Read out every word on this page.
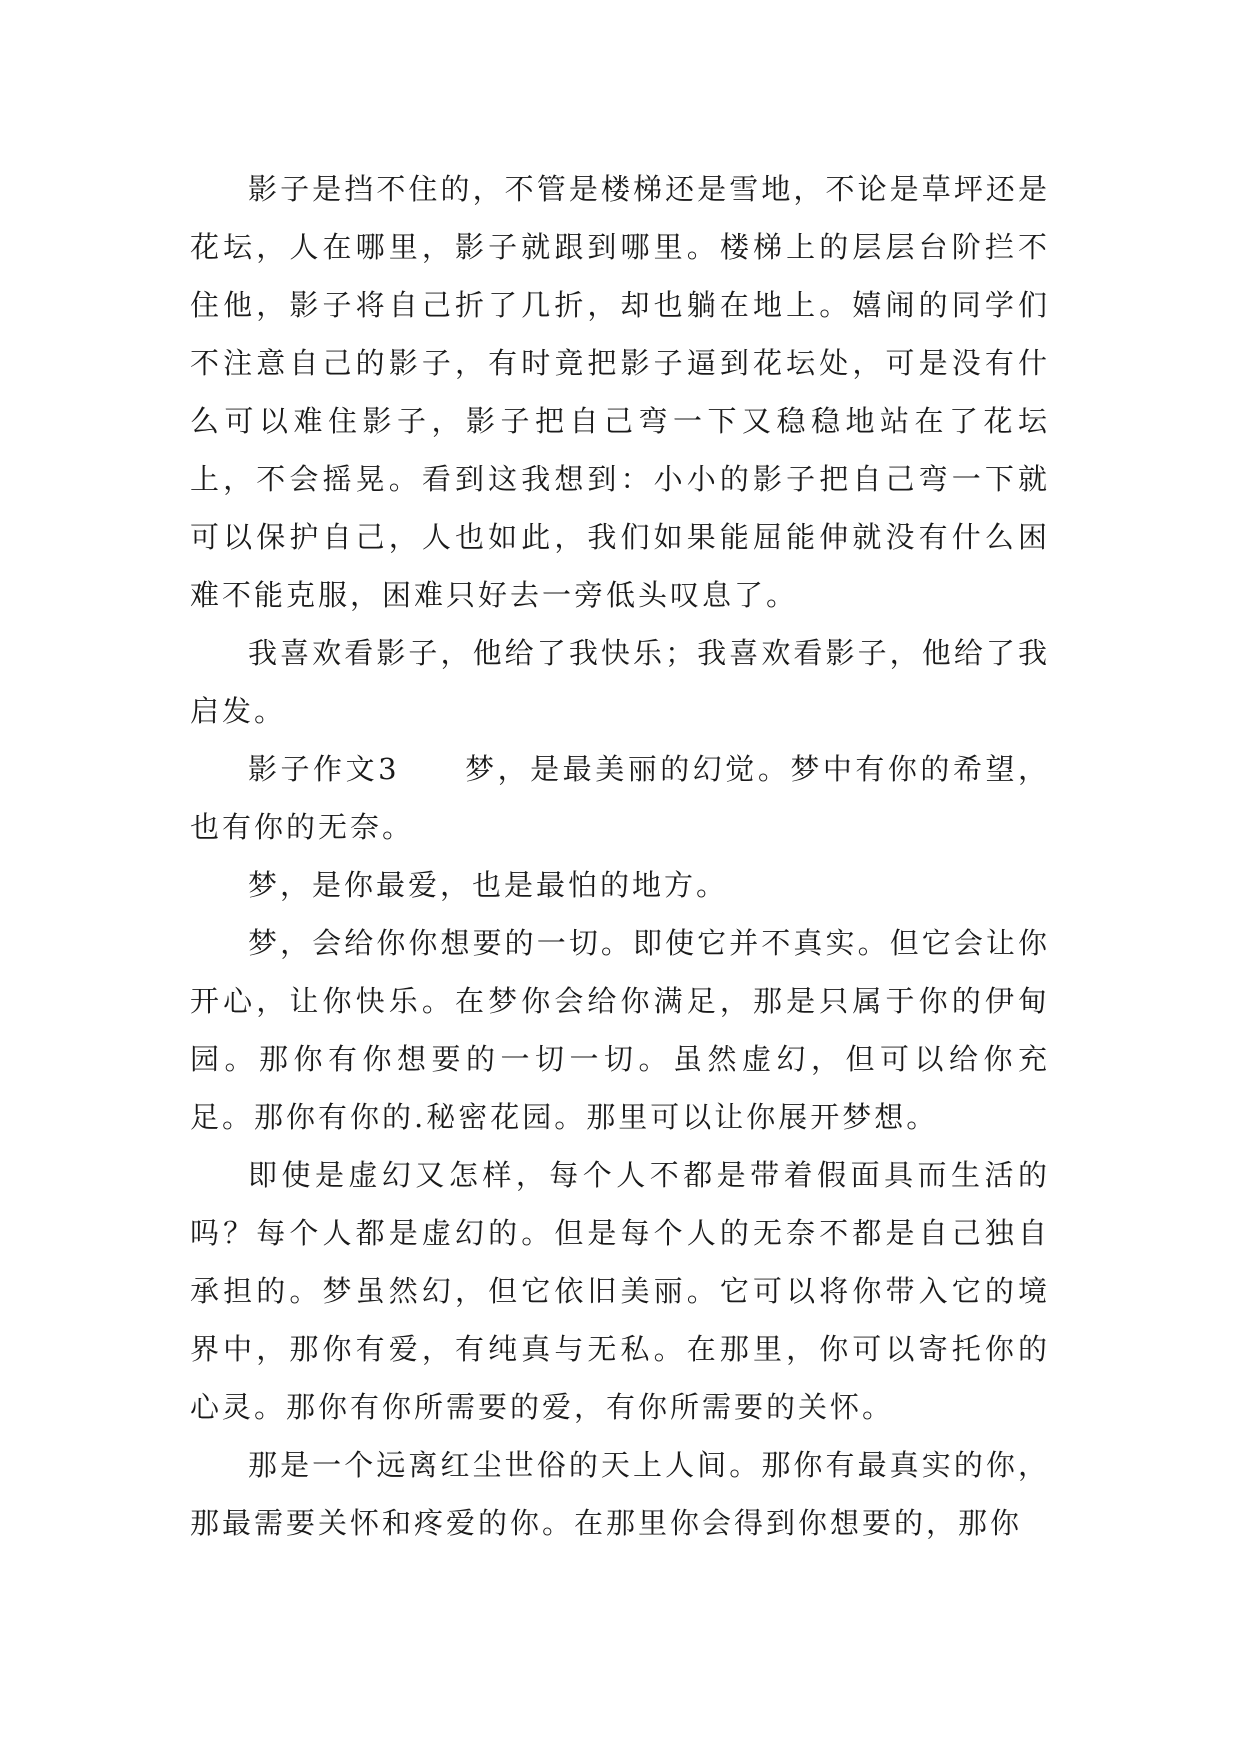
影子是挡不住的，不管是楼梯还是雪地，不论是草坪还是花坛，人在哪里，影子就跟到哪里。楼梯上的层层台阶拦不住他，影子将自己折了几折，却也躺在地上。嬉闹的同学们不注意自己的影子，有时竟把影子逼到花坛处，可是没有什么可以难住影子，影子把自己弯一下又稳稳地站在了花坛上，不会摇晃。看到这我想到：小小的影子把自己弯一下就可以保护自己，人也如此，我们如果能屈能伸就没有什么困难不能克服，困难只好去一旁低头叹息了。

我喜欢看影子，他给了我快乐；我喜欢看影子，他给了我启发。

影子作文3　　梦，是最美丽的幻觉。梦中有你的希望，也有你的无奈。

梦，是你最爱，也是最怕的地方。

梦，会给你你想要的一切。即使它并不真实。但它会让你开心，让你快乐。在梦你会给你满足，那是只属于你的伊甸园。那你有你想要的一切一切。虽然虚幻，但可以给你充足。那你有你的.秘密花园。那里可以让你展开梦想。

即使是虚幻又怎样，每个人不都是带着假面具而生活的吗？每个人都是虚幻的。但是每个人的无奈不都是自己独自承担的。梦虽然幻，但它依旧美丽。它可以将你带入它的境界中，那你有爱，有纯真与无私。在那里，你可以寄托你的心灵。那你有你所需要的爱，有你所需要的关怀。

那是一个远离红尘世俗的天上人间。那你有最真实的你，那最需要关怀和疼爱的你。在那里你会得到你想要的，那你
